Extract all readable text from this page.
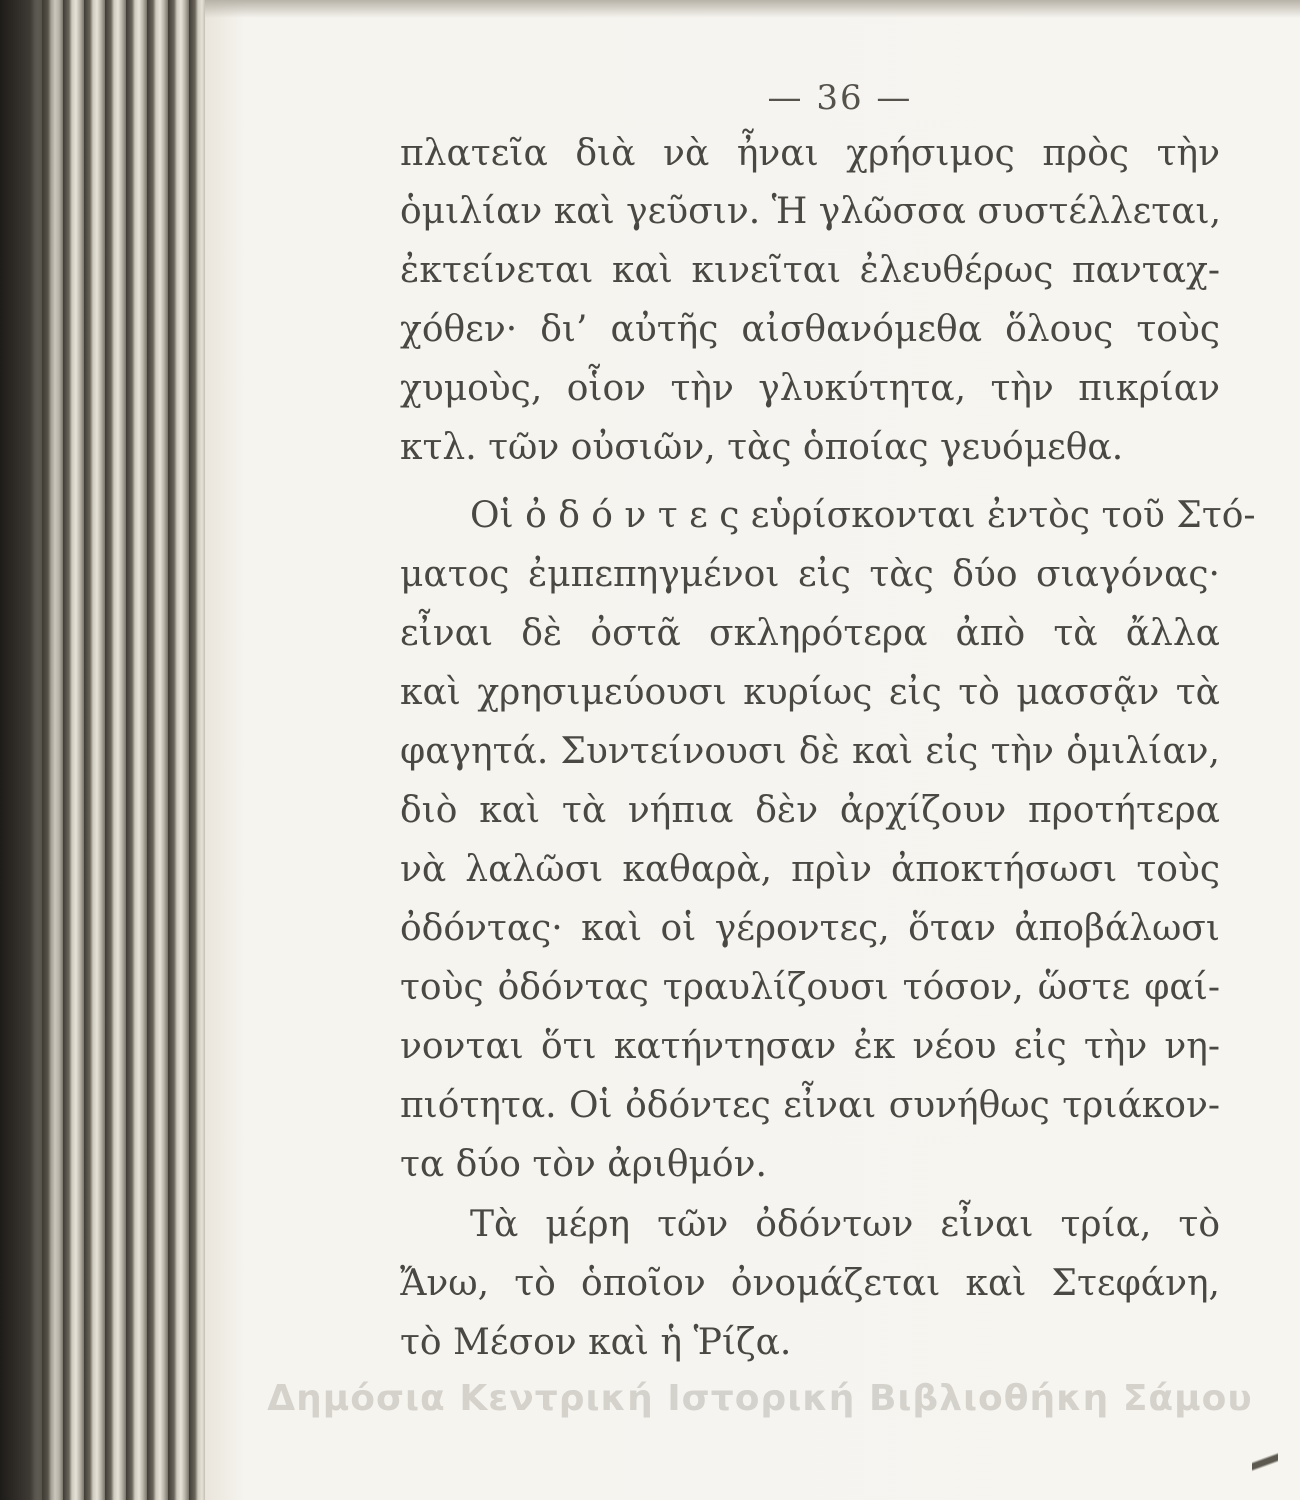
— 36 —
πλατεῖα διὰ νὰ ἦναι χρήσιμος πρὸς τὴν
ὁμιλίαν καὶ γεῦσιν. Ἡ γλῶσσα συστέλλεται,
ἐκτείνεται καὶ κινεῖται ἐλευθέρως πανταχ-
χόθεν· δι’ αὐτῆς αἰσθανόμεθα ὅλους τοὺς
χυμοὺς, οἷον τὴν γλυκύτητα, τὴν πικρίαν
κτλ. τῶν οὐσιῶν, τὰς ὁποίας γευόμεθα.
Οἱ ὀ δ ό ν τ ε ς εὑρίσκονται ἐντὸς τοῦ Στό-
ματος ἐμπεπηγμένοι εἰς τὰς δύο σιαγόνας·
εἶναι δὲ ὀστᾶ σκληρότερα ἀπὸ τὰ ἄλλα
καὶ χρησιμεύουσι κυρίως εἰς τὸ μασσᾷν τὰ
φαγητά. Συντείνουσι δὲ καὶ εἰς τὴν ὁμιλίαν,
διὸ καὶ τὰ νήπια δὲν ἀρχίζουν προτήτερα
νὰ λαλῶσι καθαρὰ, πρὶν ἀποκτήσωσι τοὺς
ὀδόντας· καὶ οἱ γέροντες, ὅταν ἀποβάλωσι
τοὺς ὀδόντας τραυλίζουσι τόσον, ὥστε φαί-
νονται ὅτι κατήντησαν ἐκ νέου εἰς τὴν νη-
πιότητα. Οἱ ὀδόντες εἶναι συνήθως τριάκον-
τα δύο τὸν ἀριθμόν.
Τὰ μέρη τῶν ὀδόντων εἶναι τρία, τὸ
Ἄνω, τὸ ὁποῖον ὀνομάζεται καὶ Στεφάνη,
τὸ Μέσον καὶ ἡ Ῥίζα.
Δημόσια Κεντρική Ιστορική Βιβλιοθήκη Σάμου
